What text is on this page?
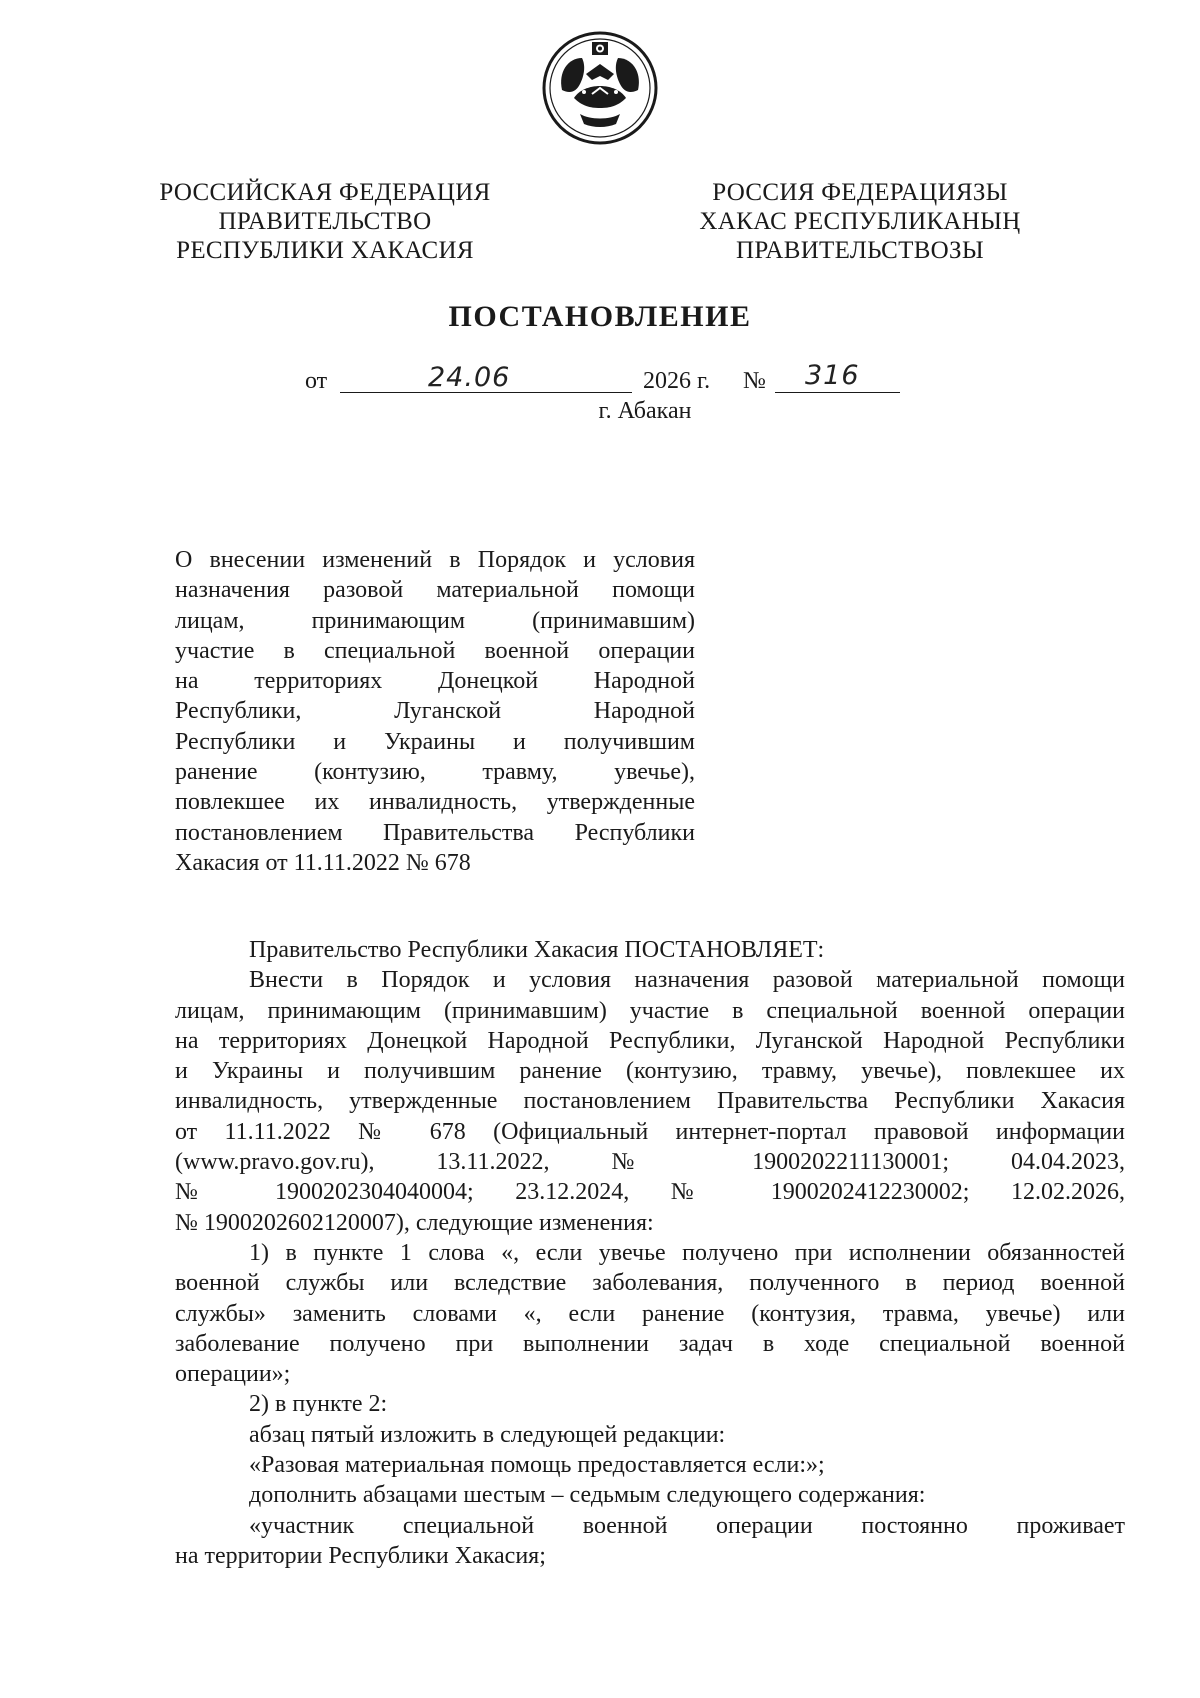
РОССИЙСКАЯ ФЕДЕРАЦИЯ
ПРАВИТЕЛЬСТВО
РЕСПУБЛИКИ ХАКАСИЯ
РОССИЯ ФЕДЕРАЦИЯЗЫ
ХАКАС РЕСПУБЛИКАНЫҢ
ПРАВИТЕЛЬСТВОЗЫ
ПОСТАНОВЛЕНИЕ
от	24.06	2026 г. № 316
г. Абакан
О внесении изменений в Порядок и условия
назначения разовой материальной помощи
лицам, принимающим (принимавшим)
участие в специальной военной операции
на территориях Донецкой Народной
Республики, Луганской Народной
Республики и Украины и получившим
ранение (контузию, травму, увечье),
повлекшее их инвалидность, утвержденные
постановлением Правительства Республики
Хакасия от 11.11.2022 № 678
Правительство Республики Хакасия ПОСТАНОВЛЯЕТ:
Внести в Порядок и условия назначения разовой материальной помощи
лицам, принимающим (принимавшим) участие в специальной военной операции
на территориях Донецкой Народной Республики, Луганской Народной Республики
и Украины и получившим ранение (контузию, травму, увечье), повлекшее их
инвалидность, утвержденные постановлением Правительства Республики Хакасия
от 11.11.2022 № 678 (Официальный интернет-портал правовой информации
(www.pravo.gov.ru), 13.11.2022, № 1900202211130001; 04.04.2023,
№ 1900202304040004; 23.12.2024, № 1900202412230002; 12.02.2026,
№ 1900202602120007), следующие изменения:
1) в пункте 1 слова «, если увечье получено при исполнении обязанностей
военной службы или вследствие заболевания, полученного в период военной
службы» заменить словами «, если ранение (контузия, травма, увечье) или
заболевание получено при выполнении задач в ходе специальной военной
операции»;
2) в пункте 2:
абзац пятый изложить в следующей редакции:
«Разовая материальная помощь предоставляется если:»;
дополнить абзацами шестым – седьмым следующего содержания:
«участник специальной военной операции постоянно проживает
на территории Республики Хакасия;
